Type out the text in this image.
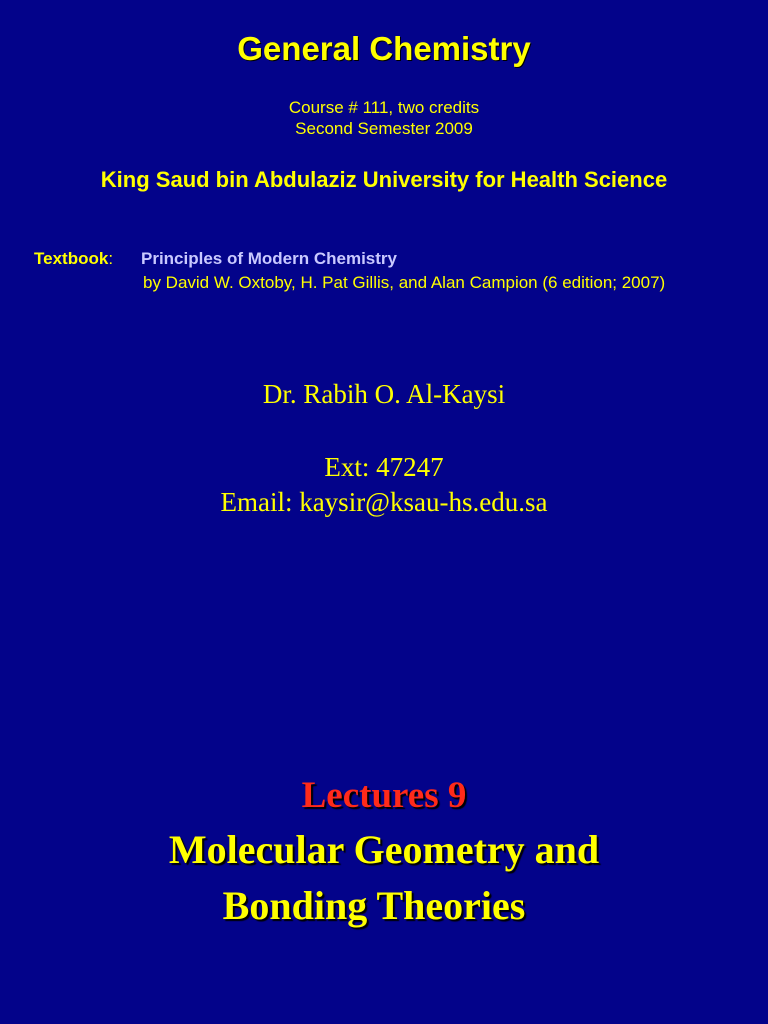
General Chemistry
Course # 111, two credits
Second Semester 2009
King Saud bin Abdulaziz University for Health Science
Textbook: Principles of Modern Chemistry
by David W. Oxtoby, H. Pat Gillis, and Alan Campion (6 edition; 2007)
Dr. Rabih O. Al-Kaysi
Ext: 47247
Email: kaysir@ksau-hs.edu.sa
Lectures 9
Molecular Geometry and
Bonding Theories
